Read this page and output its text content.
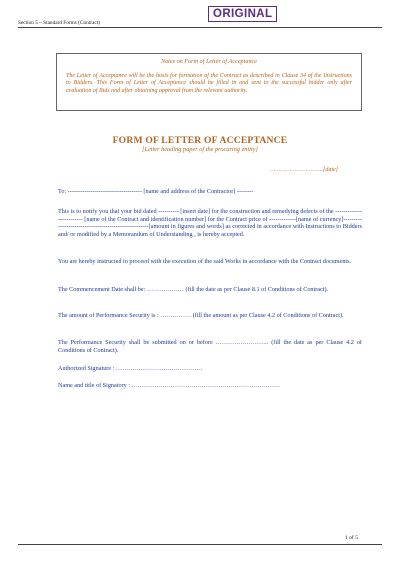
Section 5 – Standard Forms (Contract)
ORIGINAL
Notes on Form of Letter of Acceptance
The Letter of Acceptance will be the basis for formation of the Contract as described in Clause 34 of the Instructions to Bidders. This Form of Letter of Acceptance should be filled in and sent to the successful bidder only after evaluation of Bids and after obtaining approval from the relevant authority.
FORM OF LETTER OF ACCEPTANCE
[Letter heading paper of the procuring entity]
…………………………[date]
To: ------------------------------------ [name and address of the Contractor] --------
This is to notify you that your bid dated ---------- [insert date] for the construction and remedying defects of the ------------------------- [name of the Contract and identification number] for the Contract price of -------------[name of currency]-----------------------------------------------------[amount in figures and words] as corrected in accordance with Instructions to Bidders and/ or modified by a Memorandum of Understanding , is hereby accepted.
You are hereby instructed to proceed with the execution of the said Works in accordance with the Contract documents.
The Commencement Date shall be: ……………… (fill the date as per Clause 8.1 of Conditions of Contract).
The amount of Performance Security is : …………… (fill the amount as per Clause 4.2 of Conditions of Contract).
The Performance Security shall be submitted on or before …………………….. (fill the date as per Clause 4.2 of Conditions of Contract).
Authorized Signature : ……………………………………
Name and title of Signatory : ………………………………………………………………
1 of 5
